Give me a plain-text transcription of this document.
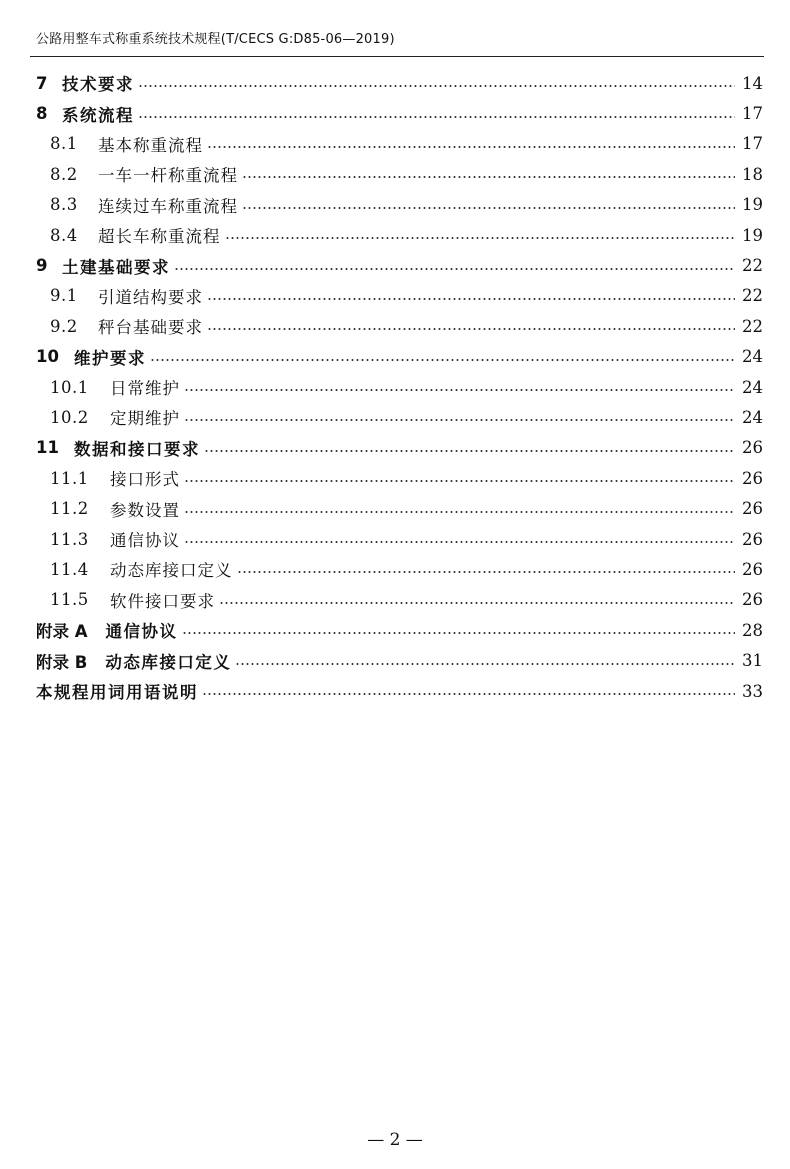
公路用整车式称重系统技术规程(T/CECS G:D85-06—2019)
7 技术要求	14
8 系统流程	17
8.1	基本称重流程	17
8.2	一车一杆称重流程	18
8.3	连续过车称重流程	19
8.4	超长车称重流程	19
9 土建基础要求	22
9.1	引道结构要求	22
9.2	秤台基础要求	22
10 维护要求	24
10.1	日常维护	24
10.2	定期维护	24
11 数据和接口要求	26
11.1	接口形式	26
11.2	参数设置	26
11.3	通信协议	26
11.4	动态库接口定义	26
11.5	软件接口要求	26
附录 A 通信协议	28
附录 B 动态库接口定义	31
本规程用词用语说明	33
— 2 —
